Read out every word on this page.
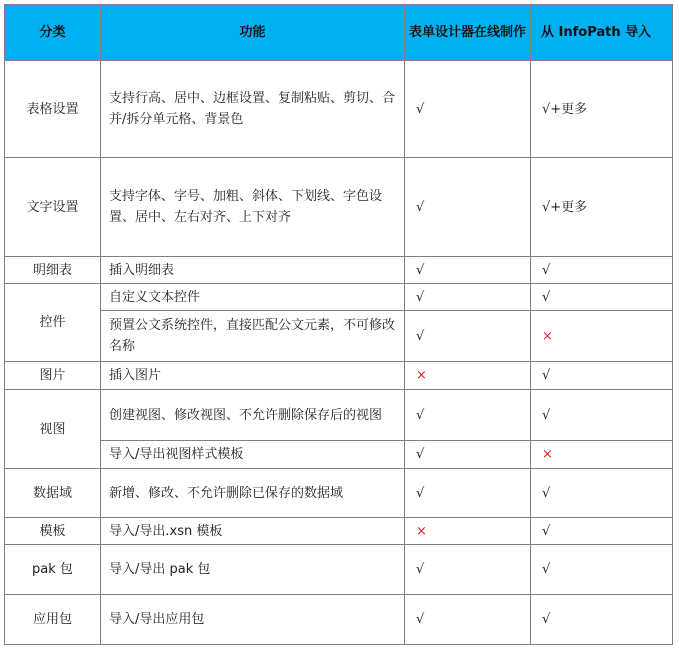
分类	功能	表单设计器在线制作	从 InfoPath 导入
表格设置	支持行高、居中、边框设置、复制粘贴、剪切、合并/拆分单元格、背景色	√	√+更多
文字设置	支持字体、字号、加粗、斜体、下划线、字色设置、居中、左右对齐、上下对齐	√	√+更多
明细表	插入明细表	√	√
控件	自定义文本控件	√	√
	预置公文系统控件，直接匹配公文元素，不可修改名称	√	×
图片	插入图片	×	√
视图	创建视图、修改视图、不允许删除保存后的视图	√	√
	导入/导出视图样式模板	√	×
数据域	新增、修改、不允许删除已保存的数据域	√	√
模板	导入/导出.xsn 模板	×	√
pak 包	导入/导出 pak 包	√	√
应用包	导入/导出应用包	√	√
